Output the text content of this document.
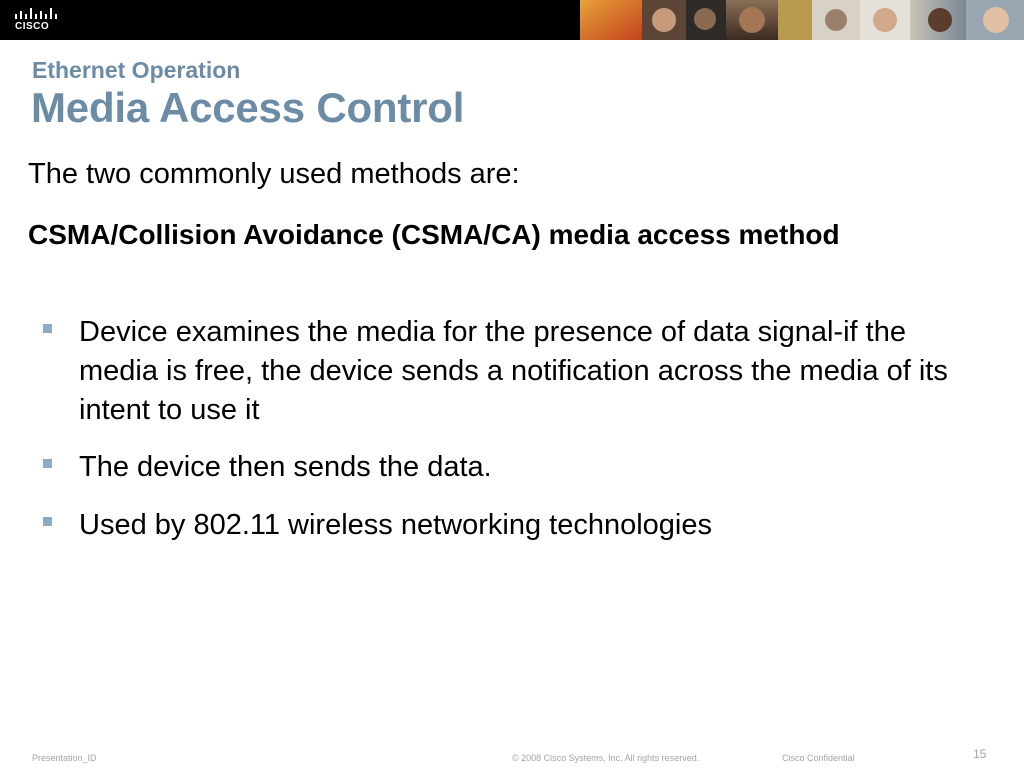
CISCO
Ethernet Operation
Media Access Control

The two commonly used methods are:

CSMA/Collision Avoidance (CSMA/CA) media access method

Device examines the media for the presence of data signal-if the media is free, the device sends a notification across the media of its intent to use it
The device then sends the data.
Used by 802.11 wireless networking technologies
Presentation_ID	© 2008 Cisco Systems, Inc. All rights reserved.	Cisco Confidential	15
